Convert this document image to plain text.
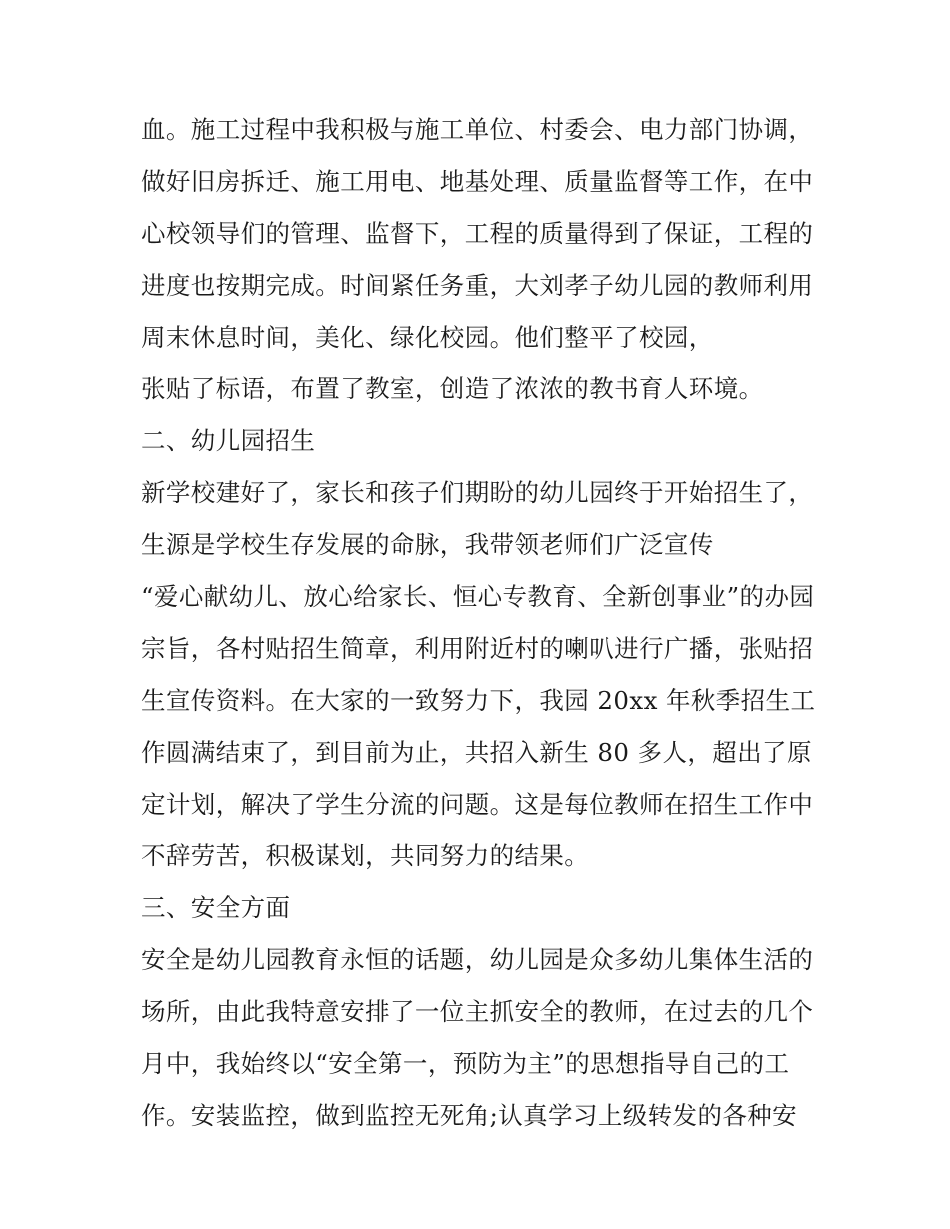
血。施工过程中我积极与施工单位、村委会、电力部门协调，
做好旧房拆迁、施工用电、地基处理、质量监督等工作，在中
心校领导们的管理、监督下，工程的质量得到了保证，工程的
进度也按期完成。时间紧任务重，大刘孝子幼儿园的教师利用
周末休息时间，美化、绿化校园。他们整平了校园，
张贴了标语，布置了教室，创造了浓浓的教书育人环境。
二、幼儿园招生
新学校建好了，家长和孩子们期盼的幼儿园终于开始招生了，
生源是学校生存发展的命脉，我带领老师们广泛宣传
“爱心献幼儿、放心给家长、恒心专教育、全新创事业”的办园
宗旨，各村贴招生简章，利用附近村的喇叭进行广播，张贴招
生宣传资料。在大家的一致努力下，我园 20xx 年秋季招生工
作圆满结束了，到目前为止，共招入新生 80 多人，超出了原
定计划，解决了学生分流的问题。这是每位教师在招生工作中
不辞劳苦，积极谋划，共同努力的结果。
三、安全方面
安全是幼儿园教育永恒的话题，幼儿园是众多幼儿集体生活的
场所，由此我特意安排了一位主抓安全的教师，在过去的几个
月中，我始终以“安全第一，预防为主”的思想指导自己的工
作。安装监控，做到监控无死角;认真学习上级转发的各种安
